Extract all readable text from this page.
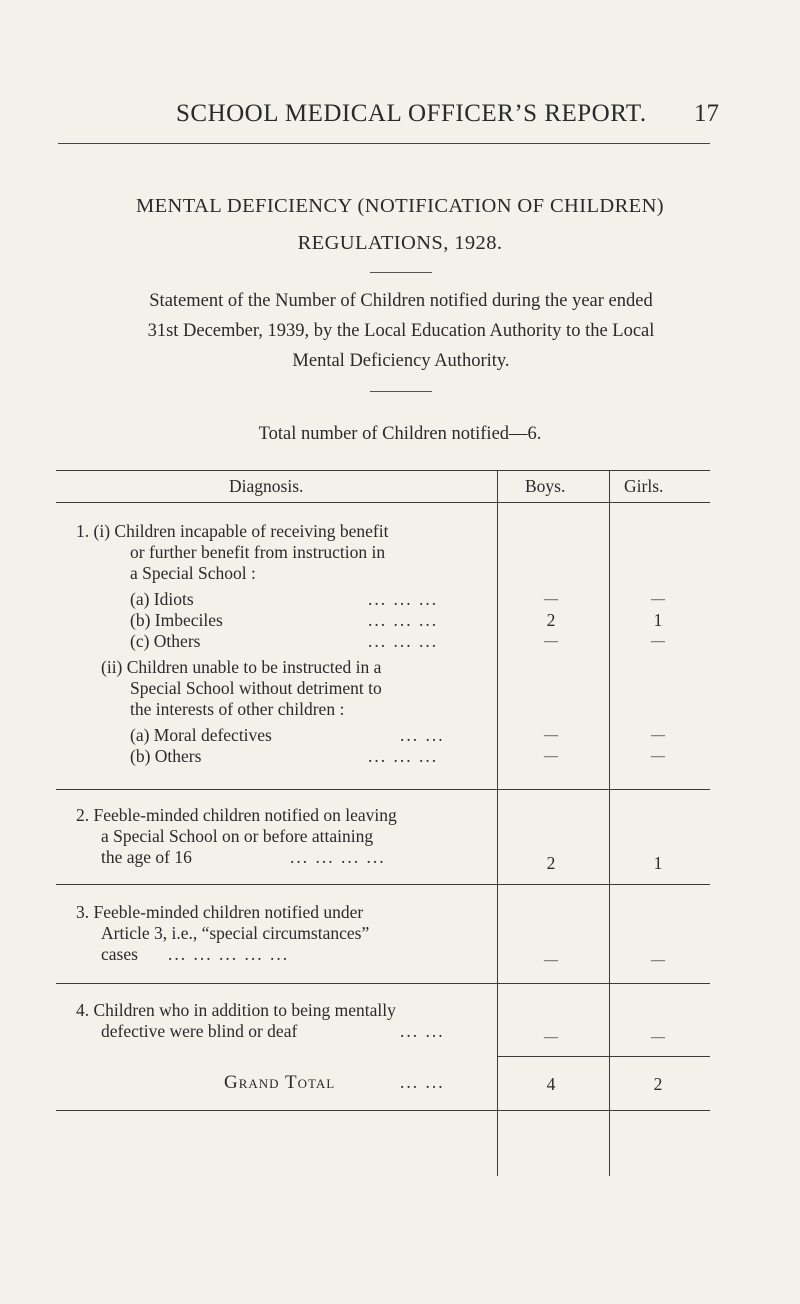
SCHOOL MEDICAL OFFICER’S REPORT. 17
MENTAL DEFICIENCY (NOTIFICATION OF CHILDREN)
REGULATIONS, 1928.
Statement of the Number of Children notified during the year ended
31st December, 1939, by the Local Education Authority to the Local
Mental Deficiency Authority.
Total number of Children notified—6.
Diagnosis.	Boys.	Girls.
1. (i) Children incapable of receiving benefit
or further benefit from instruction in
a Special School :
(a) Idiots	... ... ...	—	—
(b) Imbeciles	... ... ...	2	1
(c) Others	... ... ...	—	—
(ii) Children unable to be instructed in a
Special School without detriment to
the interests of other children :
(a) Moral defectives	... ...	—	—
(b) Others	... ... ...	—	—
2. Feeble-minded children notified on leaving
a Special School on or before attaining
the age of 16	... ... ... ...	2	1
3. Feeble-minded children notified under
Article 3, i.e., “special circumstances”
cases ... ... ... ... ...	—	—
4. Children who in addition to being mentally
defective were blind or deaf	... ...	—	—
Grand Total	... ...	4	2
